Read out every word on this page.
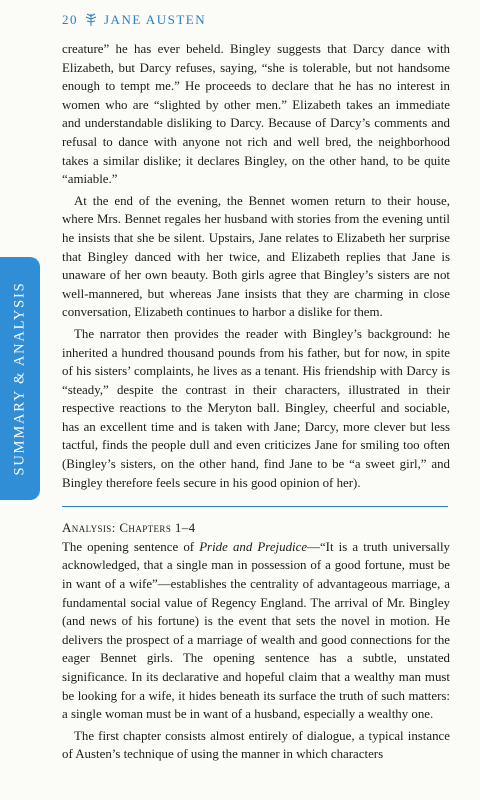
20 JANE AUSTEN
SUMMARY & ANALYSIS

creature” he has ever beheld. Bingley suggests that Darcy dance with Elizabeth, but Darcy refuses, saying, “she is tolerable, but not handsome enough to tempt me.” He proceeds to declare that he has no interest in women who are “slighted by other men.” Elizabeth takes an immediate and understandable disliking to Darcy. Because of Darcy’s comments and refusal to dance with anyone not rich and well bred, the neighborhood takes a similar dislike; it declares Bingley, on the other hand, to be quite “amiable.”

At the end of the evening, the Bennet women return to their house, where Mrs. Bennet regales her husband with stories from the evening until he insists that she be silent. Upstairs, Jane relates to Elizabeth her surprise that Bingley danced with her twice, and Elizabeth replies that Jane is unaware of her own beauty. Both girls agree that Bingley’s sisters are not well-mannered, but whereas Jane insists that they are charming in close conversation, Elizabeth continues to harbor a dislike for them.

The narrator then provides the reader with Bingley’s background: he inherited a hundred thousand pounds from his father, but for now, in spite of his sisters’ complaints, he lives as a tenant. His friendship with Darcy is “steady,” despite the contrast in their characters, illustrated in their respective reactions to the Meryton ball. Bingley, cheerful and sociable, has an excellent time and is taken with Jane; Darcy, more clever but less tactful, finds the people dull and even criticizes Jane for smiling too often (Bingley’s sisters, on the other hand, find Jane to be “a sweet girl,” and Bingley therefore feels secure in his good opinion of her).

Analysis: Chapters 1–4

The opening sentence of Pride and Prejudice—“It is a truth universally acknowledged, that a single man in possession of a good fortune, must be in want of a wife”—establishes the centrality of advantageous marriage, a fundamental social value of Regency England. The arrival of Mr. Bingley (and news of his fortune) is the event that sets the novel in motion. He delivers the prospect of a marriage of wealth and good connections for the eager Bennet girls. The opening sentence has a subtle, unstated significance. In its declarative and hopeful claim that a wealthy man must be looking for a wife, it hides beneath its surface the truth of such matters: a single woman must be in want of a husband, especially a wealthy one.

The first chapter consists almost entirely of dialogue, a typical instance of Austen’s technique of using the manner in which characters
